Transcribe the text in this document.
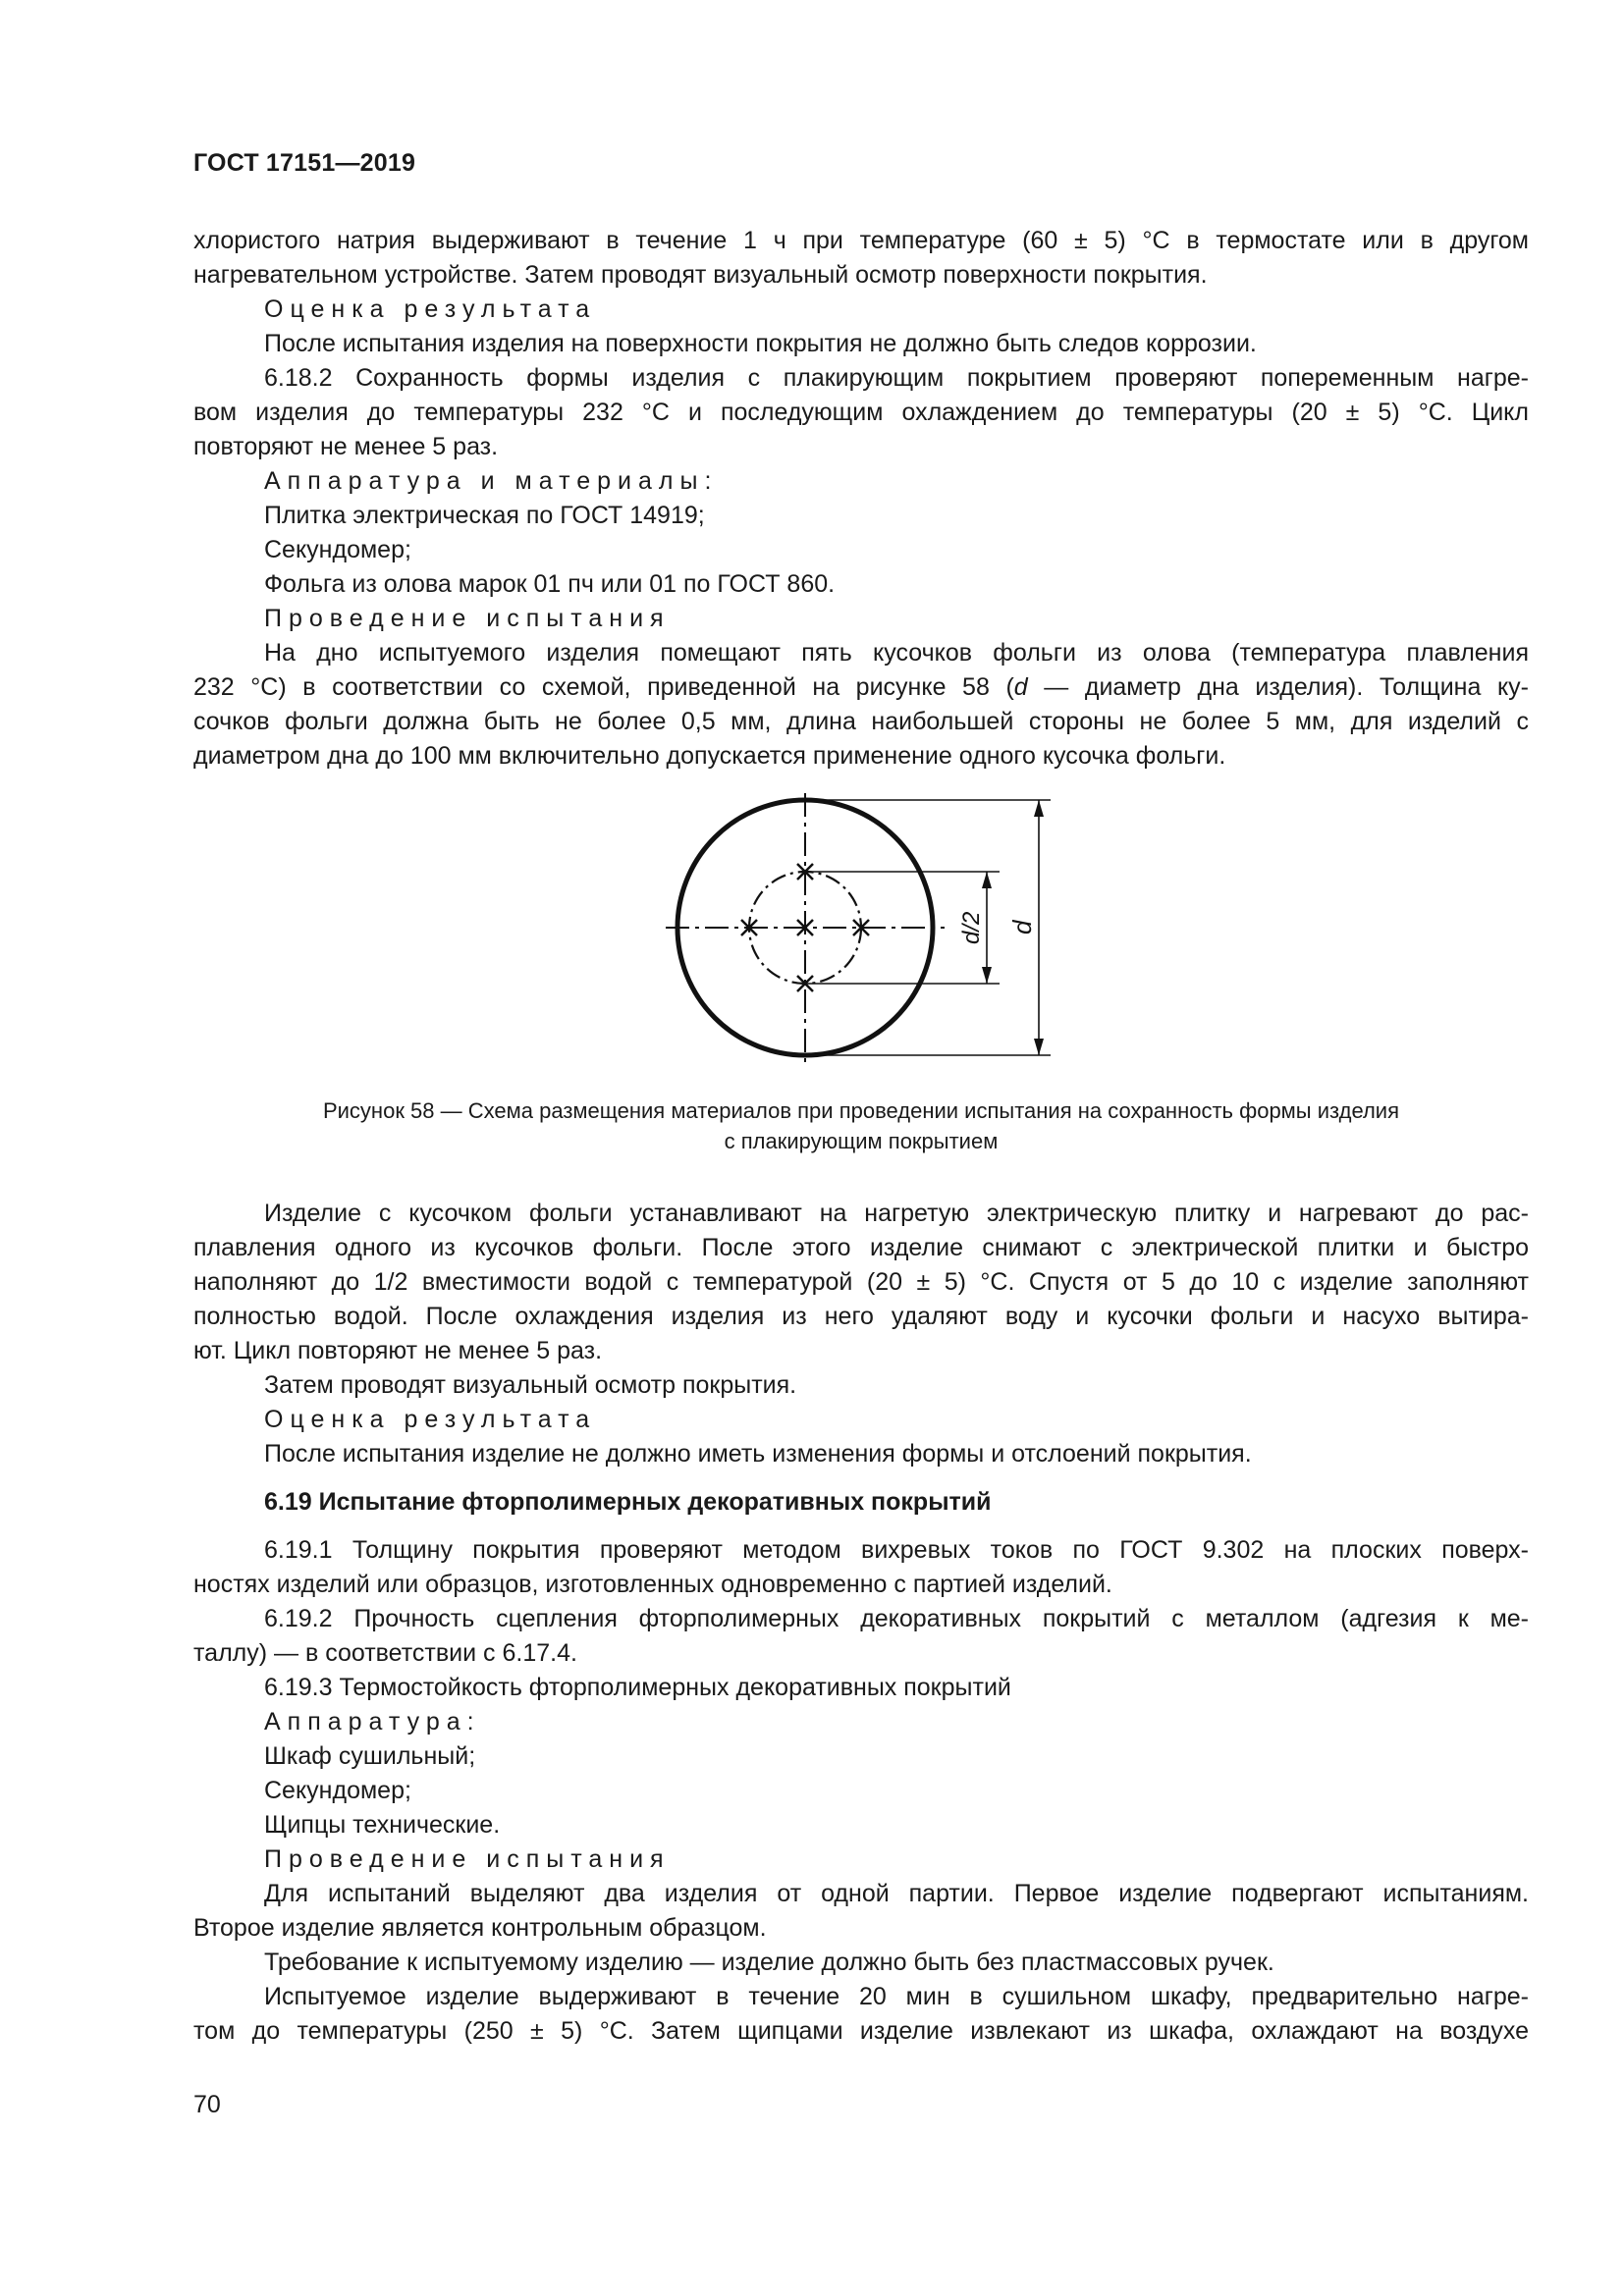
ГОСТ 17151—2019

хлористого натрия выдерживают в течение 1 ч при температуре (60 ± 5) °С в термостате или в другом

нагревательном устройстве. Затем проводят визуальный осмотр поверхности покрытия.

Оценка результата

После испытания изделия на поверхности покрытия не должно быть следов коррозии.

6.18.2 Сохранность формы изделия с плакирующим покрытием проверяют попеременным нагре-

вом изделия до температуры 232 °С и последующим охлаждением до температуры (20 ± 5) °С. Цикл

повторяют не менее 5 раз.

Аппаратура и материалы:

Плитка электрическая по ГОСТ 14919;

Секундомер;

Фольга из олова марок 01 пч или 01 по ГОСТ 860.

Проведение испытания

На дно испытуемого изделия помещают пять кусочков фольги из олова (температура плавления

232 °С) в соответствии со схемой, приведенной на рисунке 58 (d — диаметр дна изделия). Толщина ку-

сочков фольги должна быть не более 0,5 мм, длина наибольшей стороны не более 5 мм, для изделий с

диаметром дна до 100 мм включительно допускается применение одного кусочка фольги.

d/2 d
Рисунок 58 — Схема размещения материалов при проведении испытания на сохранность формы изделия
с плакирующим покрытием

Изделие с кусочком фольги устанавливают на нагретую электрическую плитку и нагревают до рас-

плавления одного из кусочков фольги. После этого изделие снимают с электрической плитки и быстро

наполняют до 1/2 вместимости водой с температурой (20 ± 5) °С. Спустя от 5 до 10 с изделие заполняют

полностью водой. После охлаждения изделия из него удаляют воду и кусочки фольги и насухо вытира-

ют. Цикл повторяют не менее 5 раз.

Затем проводят визуальный осмотр покрытия.

Оценка результата

После испытания изделие не должно иметь изменения формы и отслоений покрытия.

6.19 Испытание фторполимерных декоративных покрытий

6.19.1 Толщину покрытия проверяют методом вихревых токов по ГОСТ 9.302 на плоских поверх-

ностях изделий или образцов, изготовленных одновременно с партией изделий.

6.19.2 Прочность сцепления фторполимерных декоративных покрытий с металлом (адгезия к ме-

таллу) — в соответствии с 6.17.4.

6.19.3 Термостойкость фторполимерных декоративных покрытий

Аппаратура:

Шкаф сушильный;

Секундомер;

Щипцы технические.

Проведение испытания

Для испытаний выделяют два изделия от одной партии. Первое изделие подвергают испытаниям.

Второе изделие является контрольным образцом.

Требование к испытуемому изделию — изделие должно быть без пластмассовых ручек.

Испытуемое изделие выдерживают в течение 20 мин в сушильном шкафу, предварительно нагре-

том до температуры (250 ± 5) °С. Затем щипцами изделие извлекают из шкафа, охлаждают на воздухе

70
